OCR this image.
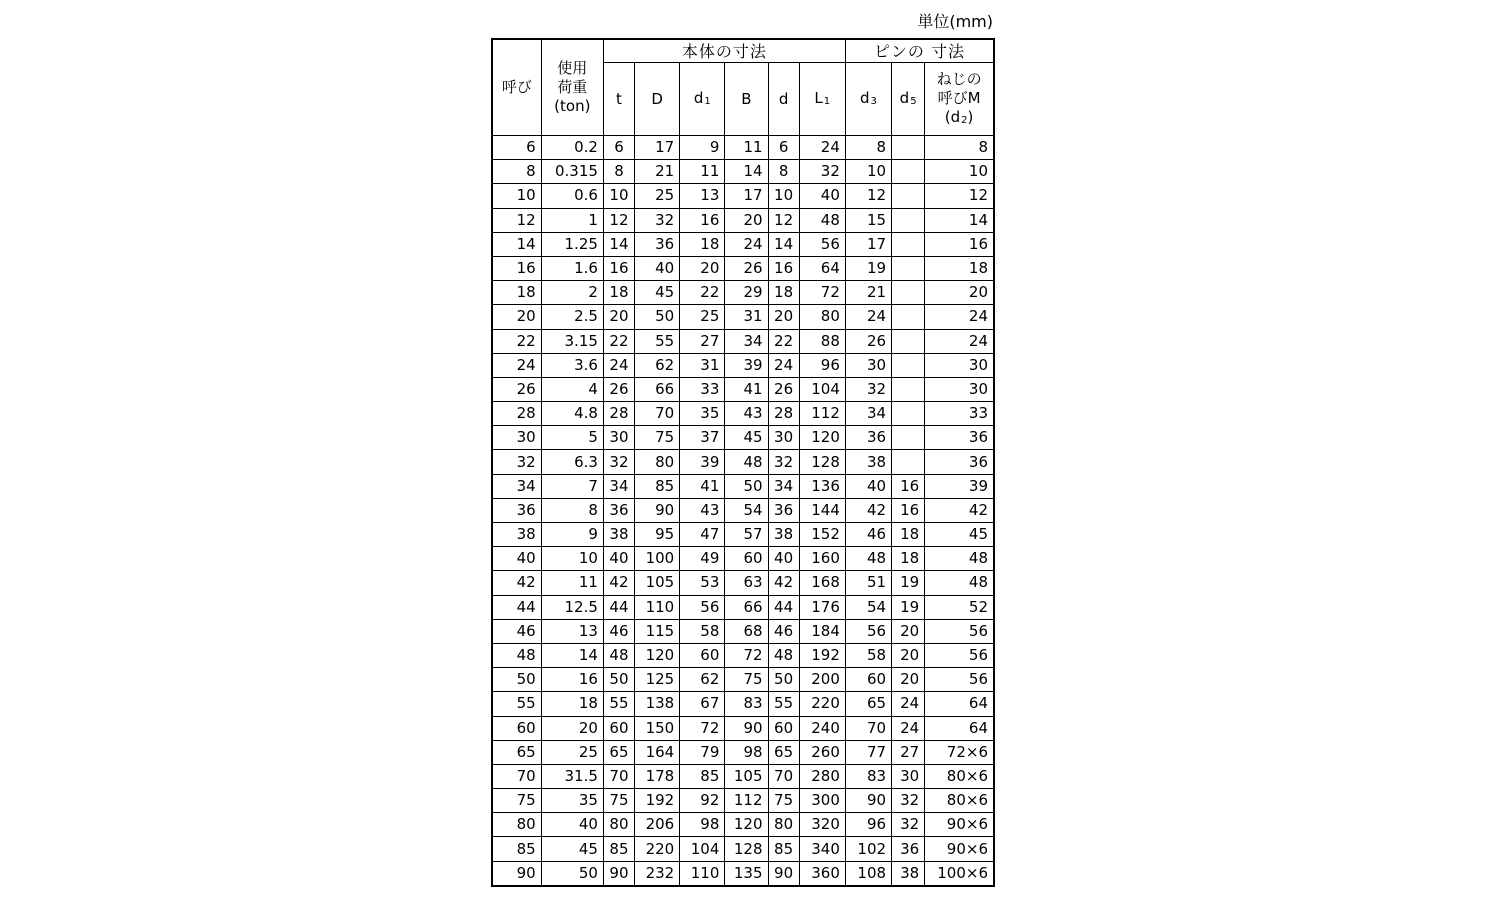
単位(mm)
呼び	使用
荷重
(ton)	本体の寸法						ピンの 寸法		
		t	D	$d_1$	B	d	$L_1$	$d_3$	$d_5$	ねじの
呼びM
$(d_2)$
6	0.2	6	17	9	11	6	24	8		8
8	0.315	8	21	11	14	8	32	10		10
10	0.6	10	25	13	17	10	40	12		12
12	1	12	32	16	20	12	48	15		14
14	1.25	14	36	18	24	14	56	17		16
16	1.6	16	40	20	26	16	64	19		18
18	2	18	45	22	29	18	72	21		20
20	2.5	20	50	25	31	20	80	24		24
22	3.15	22	55	27	34	22	88	26		24
24	3.6	24	62	31	39	24	96	30		30
26	4	26	66	33	41	26	104	32		30
28	4.8	28	70	35	43	28	112	34		33
30	5	30	75	37	45	30	120	36		36
32	6.3	32	80	39	48	32	128	38		36
34	7	34	85	41	50	34	136	40	16	39
36	8	36	90	43	54	36	144	42	16	42
38	9	38	95	47	57	38	152	46	18	45
40	10	40	100	49	60	40	160	48	18	48
42	11	42	105	53	63	42	168	51	19	48
44	12.5	44	110	56	66	44	176	54	19	52
46	13	46	115	58	68	46	184	56	20	56
48	14	48	120	60	72	48	192	58	20	56
50	16	50	125	62	75	50	200	60	20	56
55	18	55	138	67	83	55	220	65	24	64
60	20	60	150	72	90	60	240	70	24	64
65	25	65	164	79	98	65	260	77	27	72×6
70	31.5	70	178	85	105	70	280	83	30	80×6
75	35	75	192	92	112	75	300	90	32	80×6
80	40	80	206	98	120	80	320	96	32	90×6
85	45	85	220	104	128	85	340	102	36	90×6
90	50	90	232	110	135	90	360	108	38	100×6
